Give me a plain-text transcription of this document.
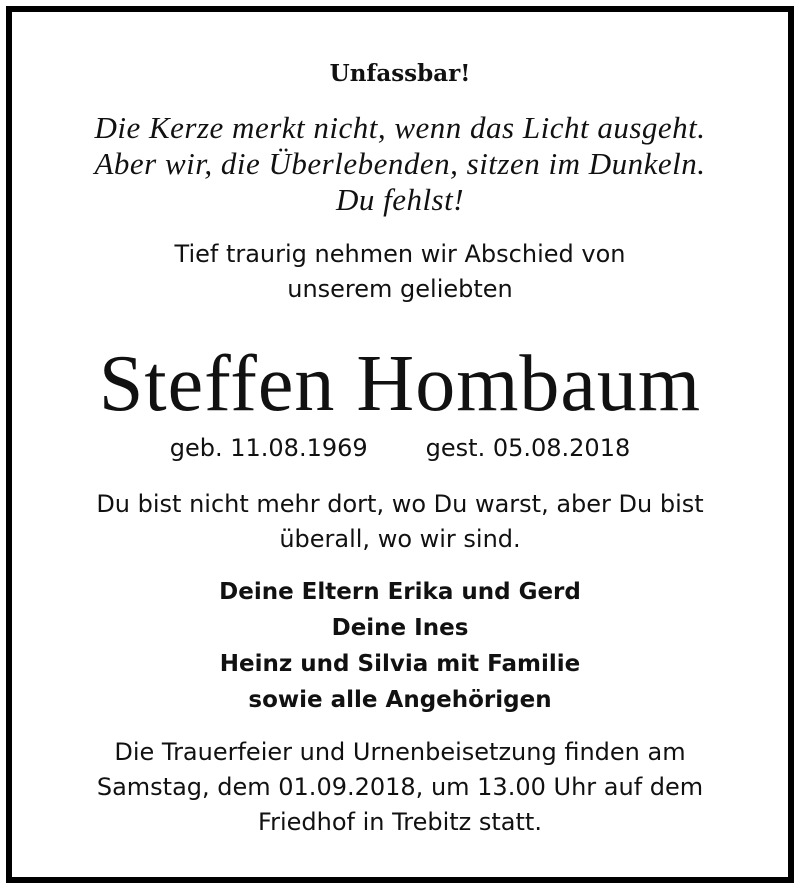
Unfassbar!
Die Kerze merkt nicht, wenn das Licht ausgeht.
Aber wir, die Überlebenden, sitzen im Dunkeln.
Du fehlst!
Tief traurig nehmen wir Abschied von
unserem geliebten
Steffen Hombaum
geb. 11.08.1969 gest. 05.08.2018
Du bist nicht mehr dort, wo Du warst, aber Du bist
überall, wo wir sind.
Deine Eltern Erika und Gerd
Deine Ines
Heinz und Silvia mit Familie
sowie alle Angehörigen
Die Trauerfeier und Urnenbeisetzung finden am
Samstag, dem 01.09.2018, um 13.00 Uhr auf dem
Friedhof in Trebitz statt.
